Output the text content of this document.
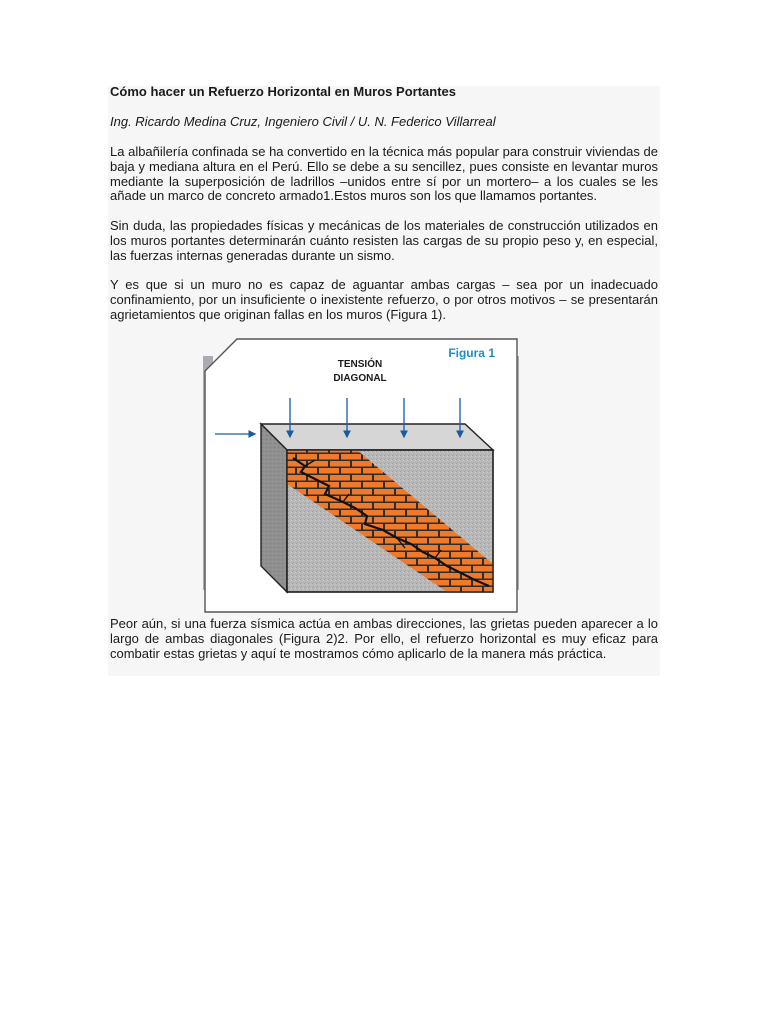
Cómo hacer un Refuerzo Horizontal en Muros Portantes

Ing. Ricardo Medina Cruz, Ingeniero Civil / U. N. Federico Villarreal

La albañilería confinada se ha convertido en la técnica más popular para construir viviendas de baja y mediana altura en el Perú. Ello se debe a su sencillez, pues consiste en levantar muros mediante la superposición de ladrillos –unidos entre sí por un mortero– a los cuales se les añade un marco de concreto armado1.Estos muros son los que llamamos portantes.

Sin duda, las propiedades físicas y mecánicas de los materiales de construcción utilizados en los muros portantes determinarán cuánto resisten las cargas de su propio peso y, en especial, las fuerzas internas generadas durante un sismo.

Y es que si un muro no es capaz de aguantar ambas cargas – sea por un inadecuado confinamiento, por un insuficiente o inexistente refuerzo, o por otros motivos – se presentarán agrietamientos que originan fallas en los muros (Figura 1).

TENSIÓN
DIAGONAL
Figura 1

Peor aún, si una fuerza sísmica actúa en ambas direcciones, las grietas pueden aparecer a lo largo de ambas diagonales (Figura 2)2. Por ello, el refuerzo horizontal es muy eficaz para combatir estas grietas y aquí te mostramos cómo aplicarlo de la manera más práctica.
